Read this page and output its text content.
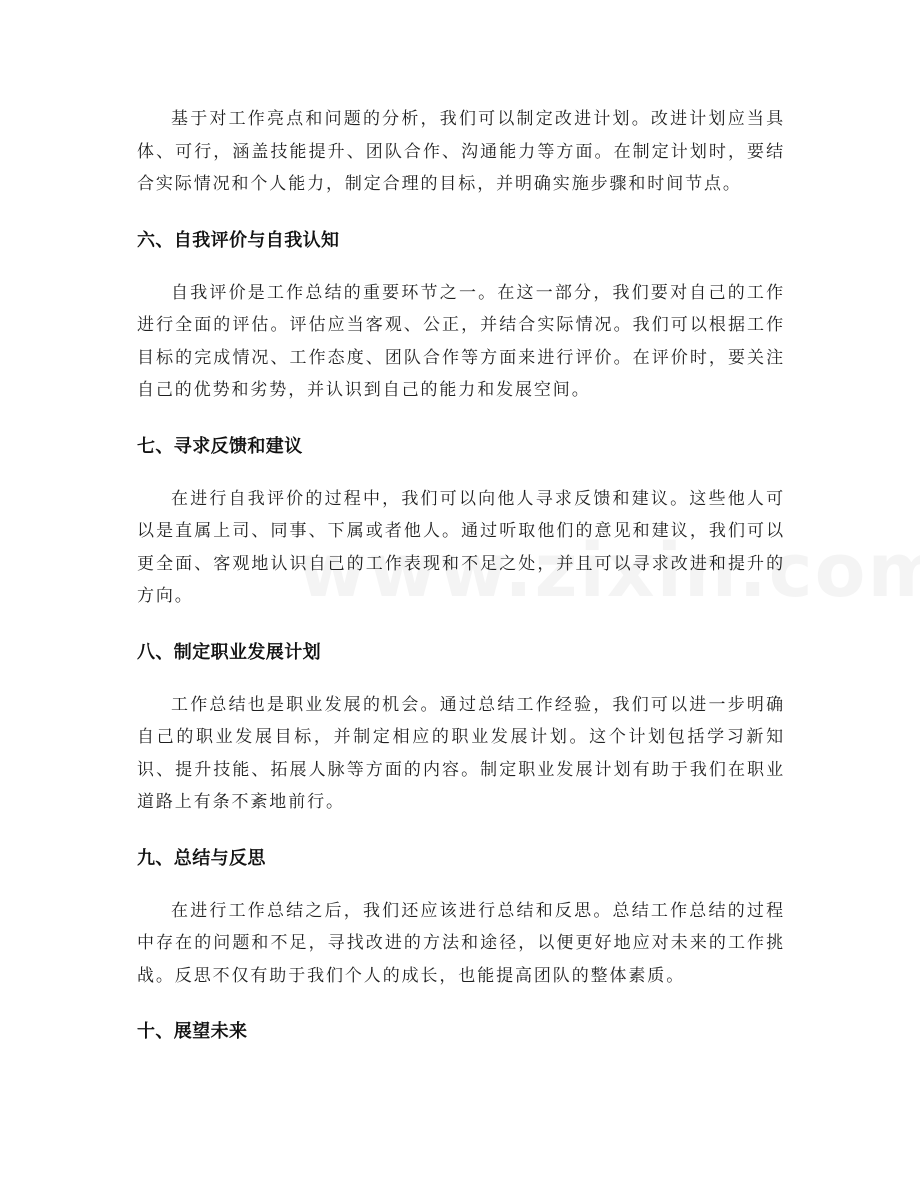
基于对工作亮点和问题的分析，我们可以制定改进计划。改进计划应当具体、可行，涵盖技能提升、团队合作、沟通能力等方面。在制定计划时，要结合实际情况和个人能力，制定合理的目标，并明确实施步骤和时间节点。

六、自我评价与自我认知

自我评价是工作总结的重要环节之一。在这一部分，我们要对自己的工作进行全面的评估。评估应当客观、公正，并结合实际情况。我们可以根据工作目标的完成情况、工作态度、团队合作等方面来进行评价。在评价时，要关注自己的优势和劣势，并认识到自己的能力和发展空间。

七、寻求反馈和建议

在进行自我评价的过程中，我们可以向他人寻求反馈和建议。这些他人可以是直属上司、同事、下属或者他人。通过听取他们的意见和建议，我们可以更全面、客观地认识自己的工作表现和不足之处，并且可以寻求改进和提升的方向。

八、制定职业发展计划

工作总结也是职业发展的机会。通过总结工作经验，我们可以进一步明确自己的职业发展目标，并制定相应的职业发展计划。这个计划包括学习新知识、提升技能、拓展人脉等方面的内容。制定职业发展计划有助于我们在职业道路上有条不紊地前行。

九、总结与反思

在进行工作总结之后，我们还应该进行总结和反思。总结工作总结的过程中存在的问题和不足，寻找改进的方法和途径，以便更好地应对未来的工作挑战。反思不仅有助于我们个人的成长，也能提高团队的整体素质。

十、展望未来
